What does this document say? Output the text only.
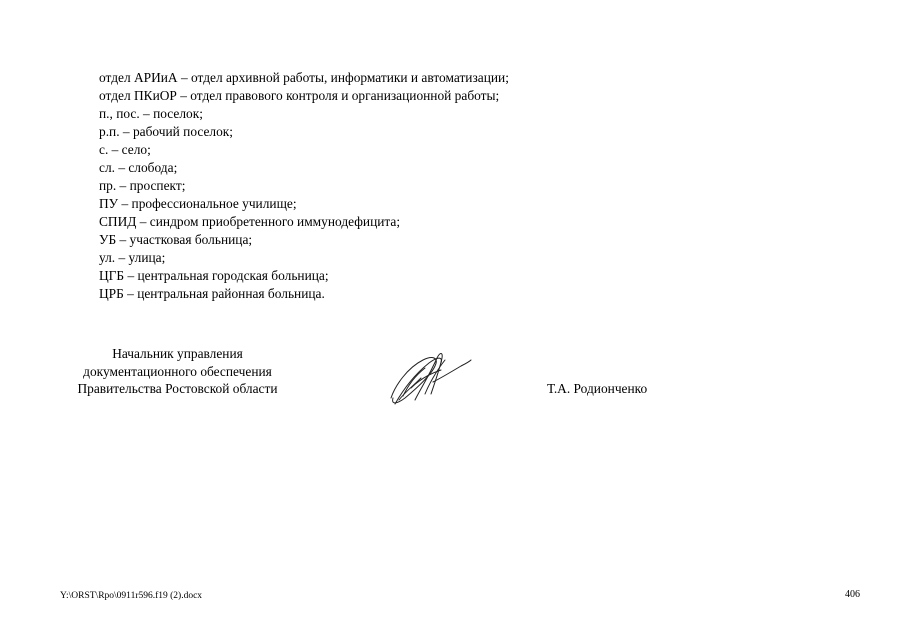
отдел АРИиА – отдел архивной работы, информатики и автоматизации;
отдел ПКиОР – отдел правового контроля и организационной работы;
п., пос. – поселок;
р.п. – рабочий поселок;
с. – село;
сл. – слобода;
пр. – проспект;
ПУ – профессиональное училище;
СПИД – синдром приобретенного иммунодефицита;
УБ – участковая больница;
ул. – улица;
ЦГБ – центральная городская больница;
ЦРБ – центральная районная больница.
Начальник управления
документационного обеспечения
Правительства Ростовской области	Т.А. Родионченко
Y:\ORST\Rpo\0911r596.f19 (2).docx	406
